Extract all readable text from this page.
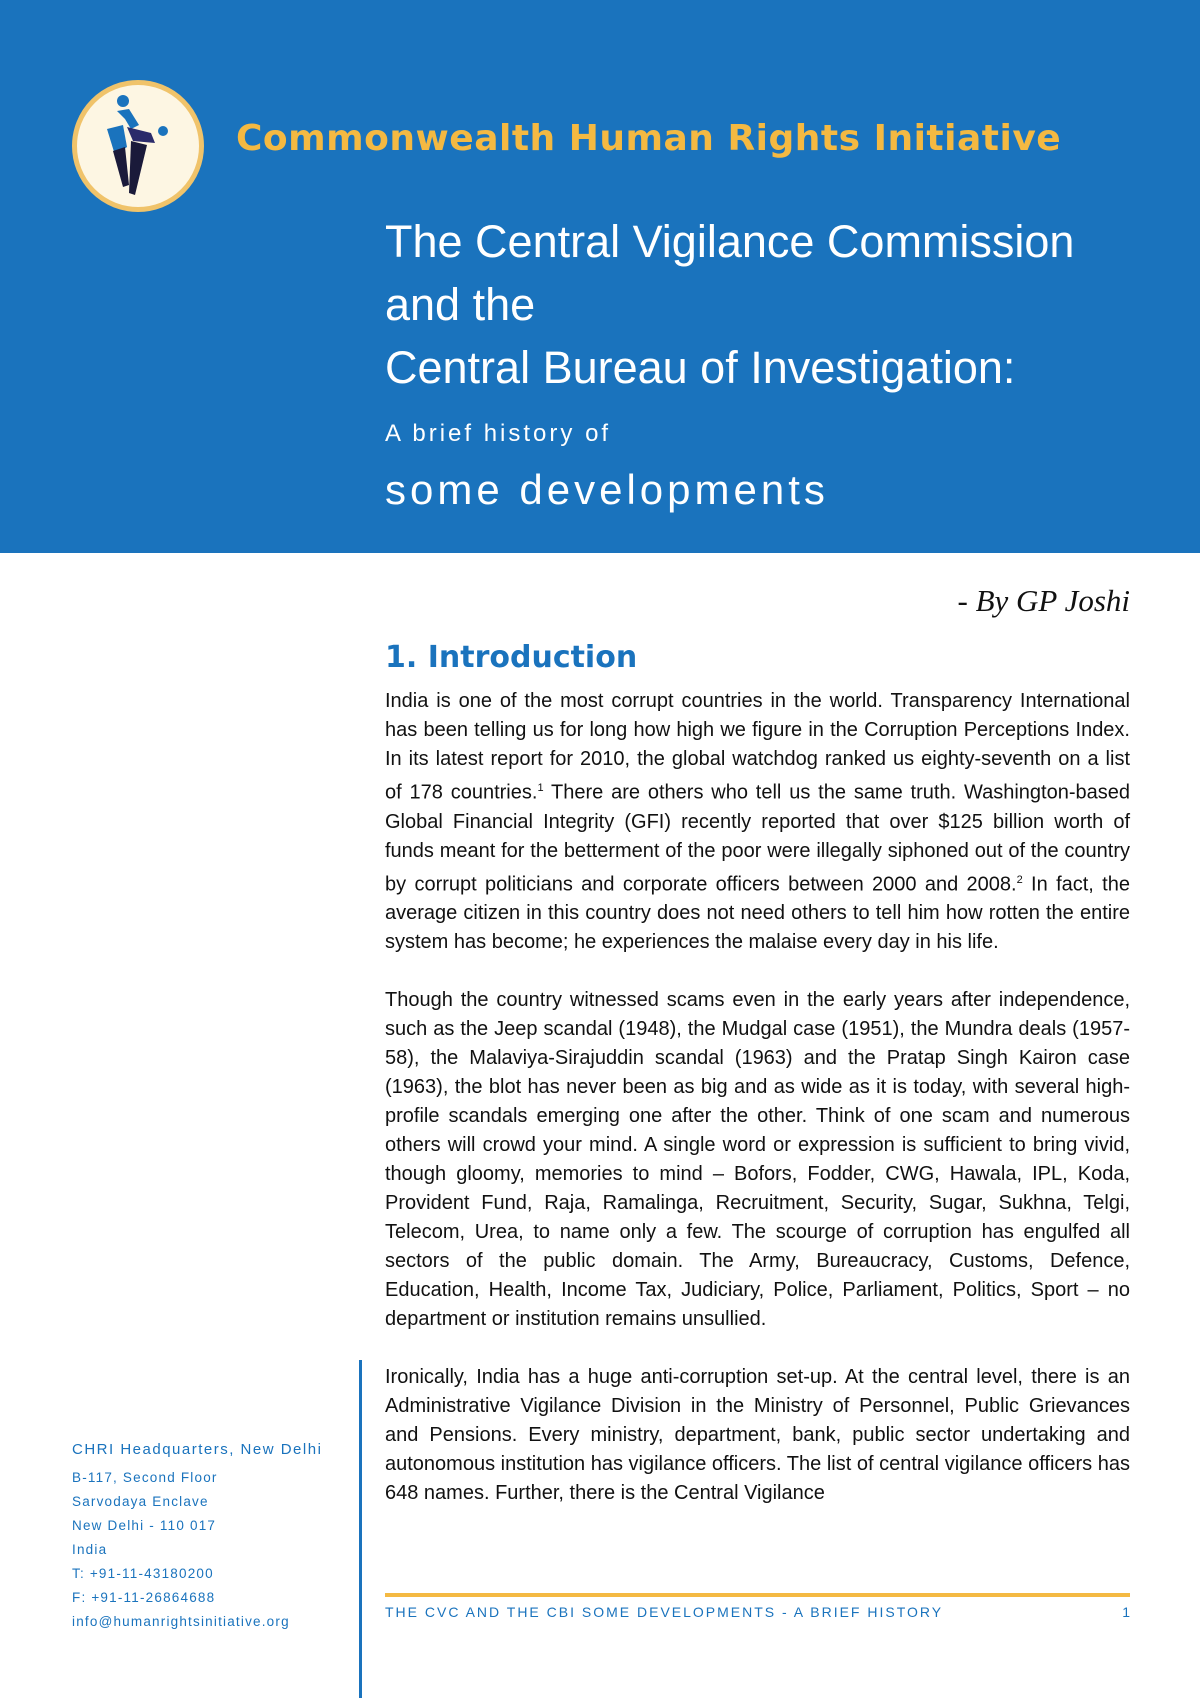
Commonwealth Human Rights Initiative
The Central Vigilance Commission
and the
Central Bureau of Investigation:
A brief history of
some developments
- By GP Joshi
1. Introduction

India is one of the most corrupt countries in the world. Transparency International has been telling us for long how high we figure in the Corruption Perceptions Index. In its latest report for 2010, the global watchdog ranked us eighty-seventh on a list of 178 countries.$^1$ There are others who tell us the same truth. Washington-based Global Financial Integrity (GFI) recently reported that over $125 billion worth of funds meant for the betterment of the poor were illegally siphoned out of the country by corrupt politicians and corporate officers between 2000 and 2008.$^2$ In fact, the average citizen in this country does not need others to tell him how rotten the entire system has become; he experiences the malaise every day in his life.

Though the country witnessed scams even in the early years after independence, such as the Jeep scandal (1948), the Mudgal case (1951), the Mundra deals (1957-58), the Malaviya-Sirajuddin scandal (1963) and the Pratap Singh Kairon case (1963), the blot has never been as big and as wide as it is today, with several high-profile scandals emerging one after the other. Think of one scam and numerous others will crowd your mind. A single word or expression is sufficient to bring vivid, though gloomy, memories to mind – Bofors, Fodder, CWG, Hawala, IPL, Koda, Provident Fund, Raja, Ramalinga, Recruitment, Security, Sugar, Sukhna, Telgi, Telecom, Urea, to name only a few. The scourge of corruption has engulfed all sectors of the public domain. The Army, Bureaucracy, Customs, Defence, Education, Health, Income Tax, Judiciary, Police, Parliament, Politics, Sport – no department or institution remains unsullied.

Ironically, India has a huge anti-corruption set-up. At the central level, there is an Administrative Vigilance Division in the Ministry of Personnel, Public Grievances and Pensions. Every ministry, department, bank, public sector undertaking and autonomous institution has vigilance officers. The list of central vigilance officers has 648 names. Further, there is the Central Vigilance

CHRI Headquarters, New Delhi
B-117, Second Floor
Sarvodaya Enclave
New Delhi - 110 017
India
T: +91-11-43180200
F: +91-11-26864688
info@humanrightsinitiative.org
THE CVC AND THE CBI SOME DEVELOPMENTS - A BRIEF HISTORY	1
